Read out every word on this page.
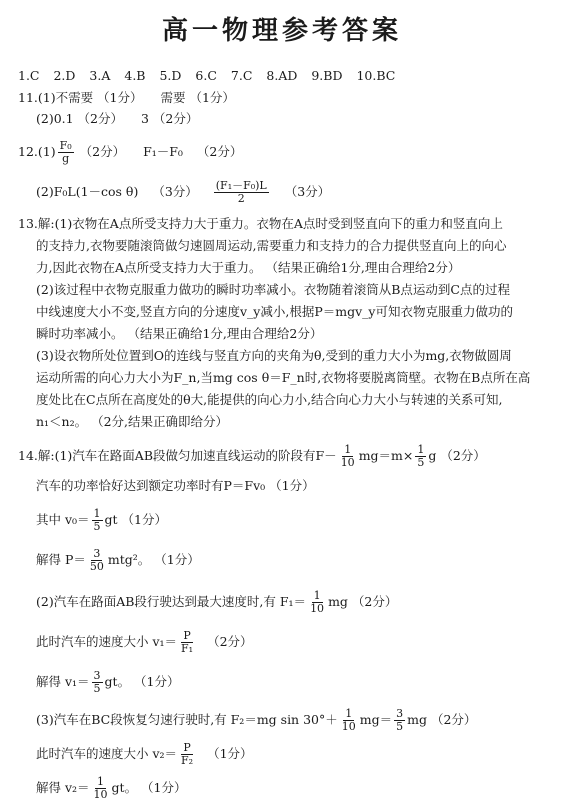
高一物理参考答案
1.C 2.D 3.A 4.B 5.D 6.C 7.C 8.AD 9.BD 10.BC
11.(1)不需要 （1分） 需要 （1分）
(2)0.1 （2分） 3 （2分）
$12.(1) \frac{\text{F₀}}{g} (2$分） F₁－F₀ （2分）
(2)F₀L(1－cos θ) （3分） $\frac{\text{(F₁－F₀)L}}{2} (3$分）
13.解:(1)衣物在A点所受支持力大于重力。衣物在A点时受到竖直向下的重力和竖直向上
的支持力,衣物要随滚筒做匀速圆周运动,需要重力和支持力的合力提供竖直向上的向心
力,因此衣物在A点所受支持力大于重力。 （结果正确给1分,理由合理给2分）
(2)该过程中衣物克服重力做功的瞬时功率减小。衣物随着滚筒从B点运动到C点的过程
中线速度大小不变,竖直方向的分速度v_y减小,根据P＝mgv_y可知衣物克服重力做功的
瞬时功率减小。 （结果正确给1分,理由合理给2分）
(3)设衣物所处位置到O的连线与竖直方向的夹角为θ,受到的重力大小为mg,衣物做圆周
运动所需的向心力大小为F_n,当mg cos θ＝F_n时,衣物将要脱离筒壁。衣物在B点所在高
度处比在C点所在高度处的θ大,能提供的向心力小,结合向心力大小与转速的关系可知,
n₁＜n₂。 （2分,结果正确即给分）
14.解:(1)汽车在路面AB段做匀加速直线运动的阶段有$F- \frac{1}{10} mg=m\times \frac{1}{5}$ g （2分）
汽车的功率恰好达到额定功率时有P＝Fv₀ （1分）
其中 $v_0= \frac{1}{5}$ gt （1分）
解得 $P= \frac{3}{50} mtg^2$。 （1分）
(2)汽车在路面AB段行驶达到最大速度时,有 $F_1= \frac{1}{10}$ mg （2分）
此时汽车的速度大小 $v_1= \frac{P}{\text{F₁}} (2$分）
解得 $v_1= \frac{3}{5}$ gt。 （1分）
(3)汽车在BC段恢复匀速行驶时,有 F₂＝mg $\sin 30^\circ+ \frac{1}{10} mg= \frac{3}{5}$ mg （2分）
此时汽车的速度大小 $v_2= \frac{P}{\text{F₂}} (1$分）
解得 $v_2= \frac{1}{10}$ gt。 （1分）
